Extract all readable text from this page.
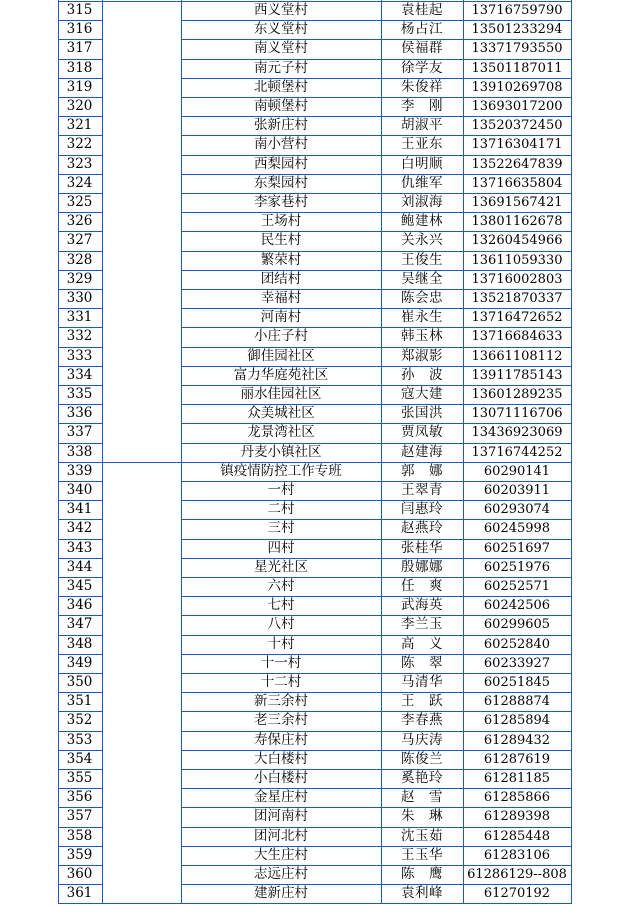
315	西义堂村	袁桂起	13716759790
316	东义堂村	杨占江	13501233294
317	南义堂村	侯福群	13371793550
318	南元子村	徐学友	13501187011
319	北顿堡村	朱俊祥	13910269708
320	南顿堡村	李　刚	13693017200
321	张新庄村	胡淑平	13520372450
322	南小营村	王亚东	13716304171
323	西梨园村	白明顺	13522647839
324	东梨园村	仇维军	13716635804
325	李家巷村	刘淑海	13691567421
326	王场村	鲍建林	13801162678
327	民生村	关永兴	13260454966
328	繁荣村	王俊生	13611059330
329	团结村	吴继全	13716002803
330	幸福村	陈会忠	13521870337
331	河南村	崔永生	13716472652
332	小庄子村	韩玉林	13716684633
333	御佳园社区	郑淑影	13661108112
334	富力华庭苑社区	孙　波	13911785143
335	丽水佳园社区	寇大建	13601289235
336	众美城社区	张国洪	13071116706
337	龙景湾社区	贾凤敏	13436923069
338	丹麦小镇社区	赵建海	13716744252
339	镇疫情防控工作专班	郭　娜	60290141
340	一村	王翠青	60203911
341	二村	闫惠玲	60293074
342	三村	赵燕玲	60245998
343	四村	张桂华	60251697
344	星光社区	殷娜娜	60251976
345	六村	任　爽	60252571
346	七村	武海英	60242506
347	八村	李兰玉	60299605
348	十村	高　义	60252840
349	十一村	陈　翠	60233927
350	十二村	马清华	60251845
351	新三余村	王　跃	61288874
352	老三余村	李春燕	61285894
353	寿保庄村	马庆涛	61289432
354	大白楼村	陈俊兰	61287619
355	小白楼村	奚艳玲	61281185
356	金星庄村	赵　雪	61285866
357	团河南村	朱　琳	61289398
358	团河北村	沈玉茹	61285448
359	大生庄村	王玉华	61283106
360	志远庄村	陈　鹰	61286129--808
361	建新庄村	袁利峰	61270192
